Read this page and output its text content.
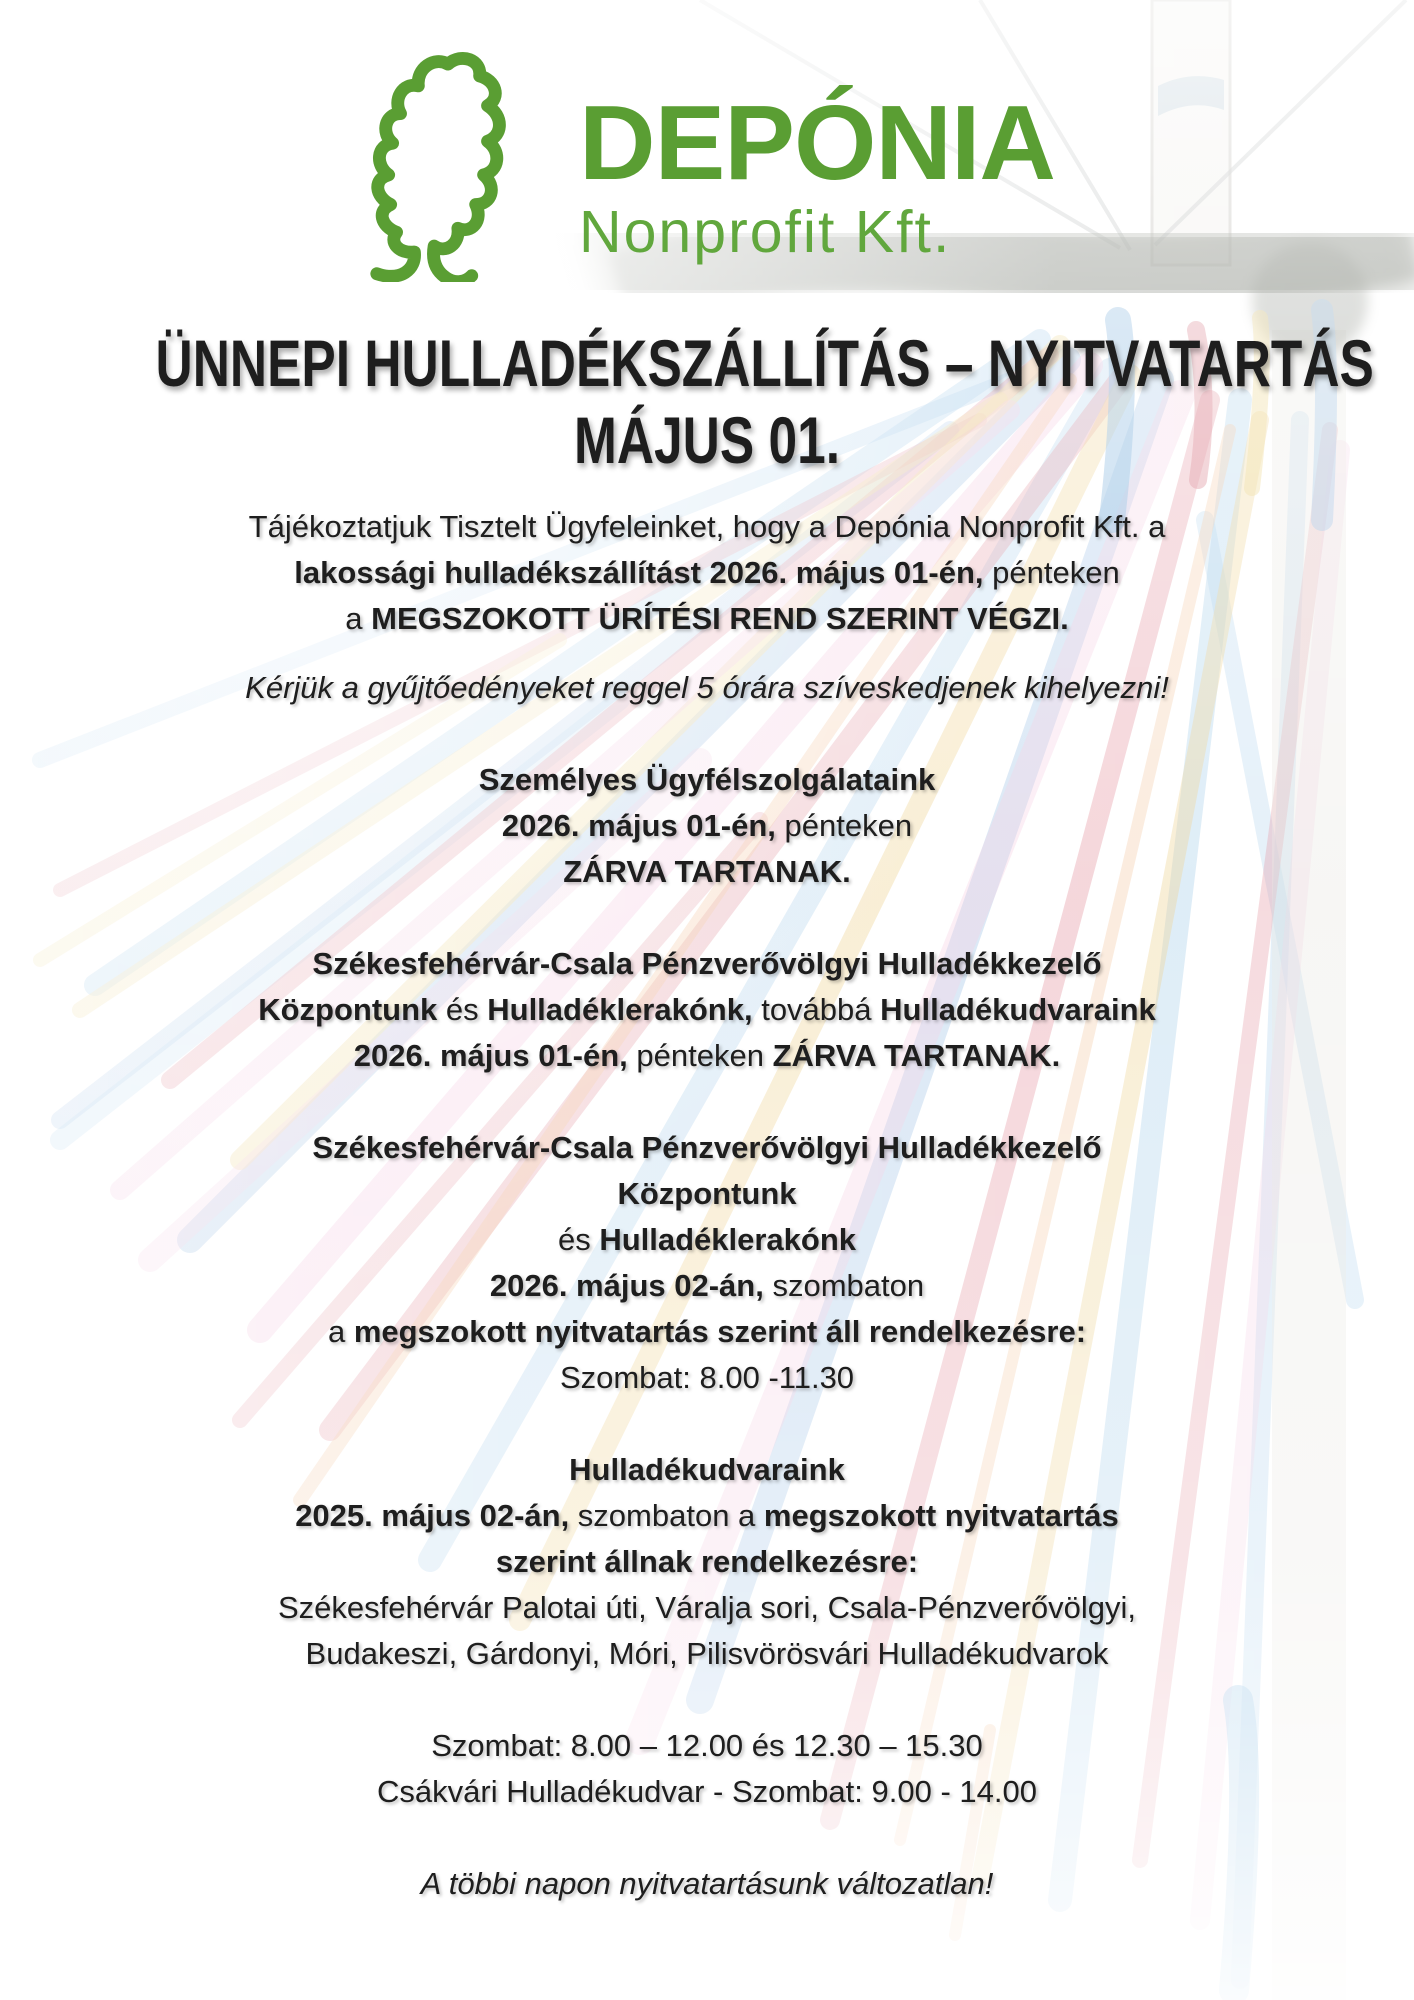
DEPÓNIA
Nonprofit Kft.
ÜNNEPI HULLADÉKSZÁLLÍTÁS – NYITVATARTÁS
MÁJUS 01.

Tájékoztatjuk Tisztelt Ügyfeleinket, hogy a Depónia Nonprofit Kft. a

lakossági hulladékszállítást 2026. május 01-én, pénteken

a MEGSZOKOTT ÜRÍTÉSI REND SZERINT VÉGZI.

Kérjük a gyűjtőedényeket reggel 5 órára szíveskedjenek kihelyezni!

Személyes Ügyfélszolgálataink

2026. május 01-én, pénteken

ZÁRVA TARTANAK.

Székesfehérvár-Csala Pénzverővölgyi Hulladékkezelő

Központunk és Hulladéklerakónk, továbbá Hulladékudvaraink

2026. május 01-én, pénteken ZÁRVA TARTANAK.

Székesfehérvár-Csala Pénzverővölgyi Hulladékkezelő

Központunk

és Hulladéklerakónk

2026. május 02-án, szombaton

a megszokott nyitvatartás szerint áll rendelkezésre:

Szombat: 8.00 -11.30

Hulladékudvaraink

2025. május 02-án, szombaton a megszokott nyitvatartás

szerint állnak rendelkezésre:

Székesfehérvár Palotai úti, Váralja sori, Csala-Pénzverővölgyi,

Budakeszi, Gárdonyi, Móri, Pilisvörösvári Hulladékudvarok

Szombat: 8.00 – 12.00 és 12.30 – 15.30

Csákvári Hulladékudvar - Szombat: 9.00 - 14.00

A többi napon nyitvatartásunk változatlan!
